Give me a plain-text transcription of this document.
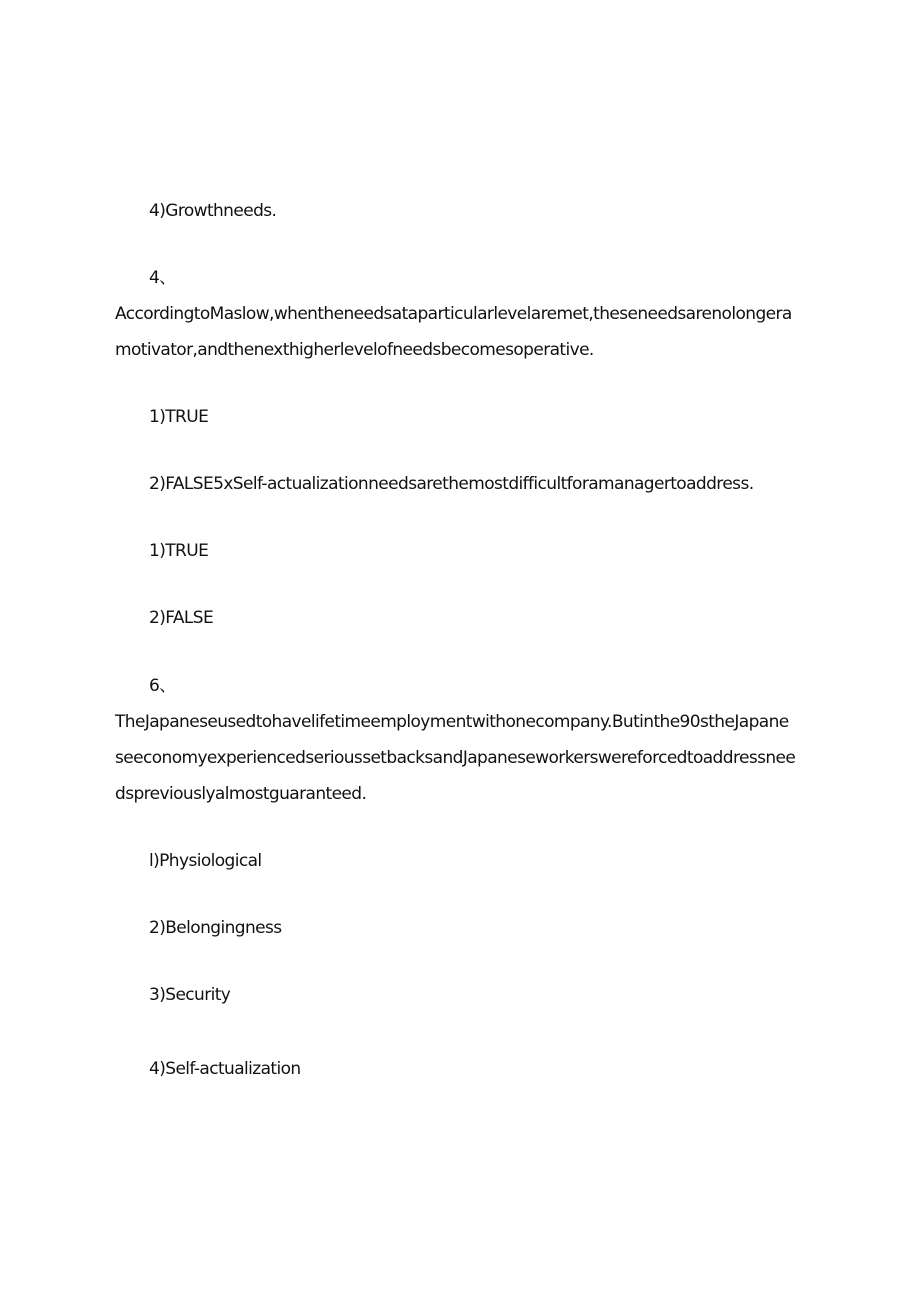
4)Growthneeds.
4、
AccordingtoMaslow,whentheneedsataparticularlevelaremet,theseneedsarenolongera
motivator,andthenexthigherlevelofneedsbecomesoperative.
1)TRUE
2)FALSE5хSelf-actualizationneedsarethemostdifficultforamanagertoaddress.
1)TRUE
2)FALSE
6、
TheJapaneseusedtohavelifetimeemploymentwithonecompany.Butinthe90stheJapane
seeconomyexperiencedserioussetbacksandJapaneseworkerswereforcedtoaddressnee
dspreviouslyalmostguaranteed.
l)Physiological
2)Belongingness
3)Security
4)Self-actualization
